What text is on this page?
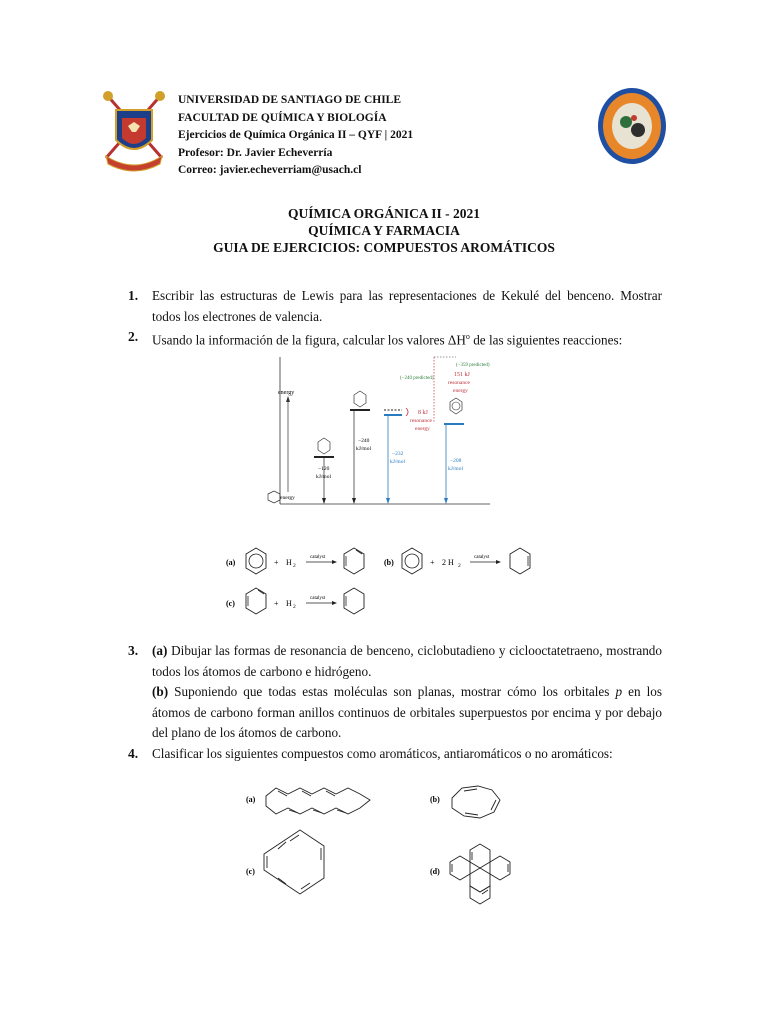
UNIVERSIDAD DE SANTIAGO DE CHILE
FACULTAD DE QUÍMICA Y BIOLOGÍA
Ejercicios de Química Orgánica II – QYF | 2021
Profesor: Dr. Javier Echeverría
Correo: javier.echeverriam@usach.cl
QUÍMICA ORGÁNICA II - 2021
QUÍMICA Y FARMACIA
GUIA DE EJERCICIOS: COMPUESTOS AROMÁTICOS
1. Escribir las estructuras de Lewis para las representaciones de Kekulé del benceno. Mostrar todos los electrones de valencia.
2. Usando la información de la figura, calcular los valores $\Delta H^o$ de las siguientes reacciones:
energy
energy
−120
kJ/mol
−240
kJ/mol
(−240 predicted)
−232
kJ/mol
8 kJ
resonance
energy
(−359 predicted)
151 kJ
resonance
energy
−208
kJ/mol
(a)	+ H 2
catalyst
(b)	+ 2 H 2
catalyst
(c)	+ H 2
catalyst
3. (a) Dibujar las formas de resonancia de benceno, ciclobutadieno y ciclooctatetraeno, mostrando todos los átomos de carbono e hidrógeno.
(b) Suponiendo que todas estas moléculas son planas, mostrar cómo los orbitales p en los átomos de carbono forman anillos continuos de orbitales superpuestos por encima y por debajo del plano de los átomos de carbono.
4. Clasificar los siguientes compuestos como aromáticos, antiaromáticos o no aromáticos:
(a)	(b)
(c)	(d)
